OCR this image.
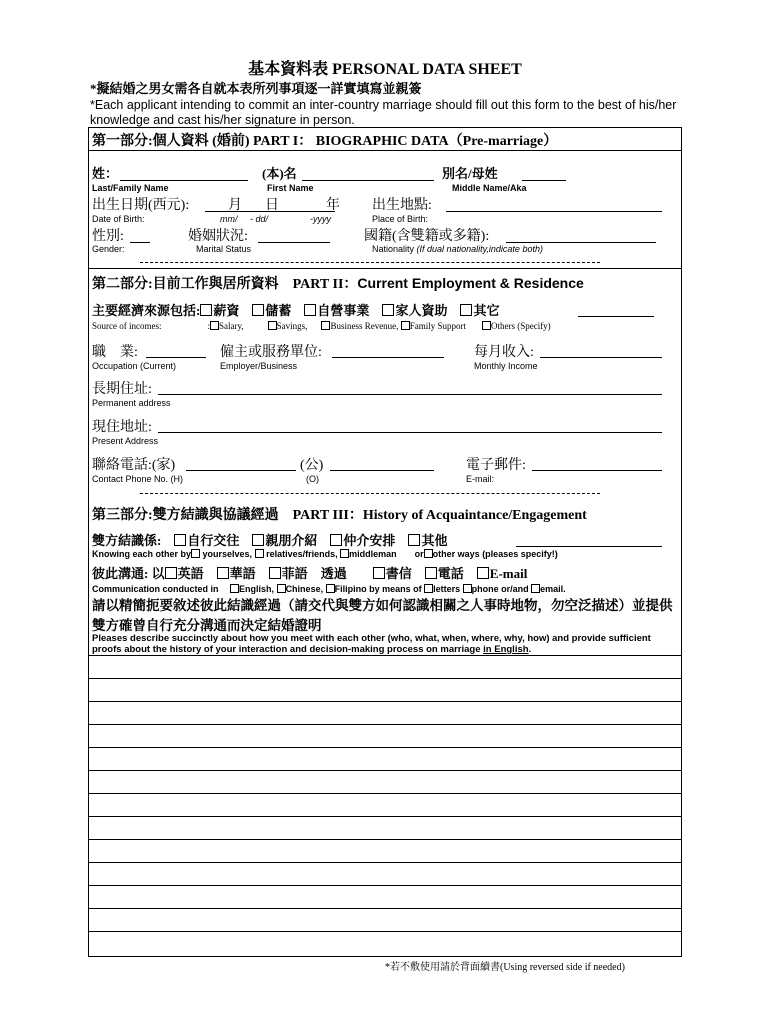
基本資料表 PERSONAL DATA SHEET
*擬結婚之男女需各自就本表所列事項逐一詳實填寫並親簽
*Each applicant intending to commit an inter-country marriage should fill out this form to the best of his/her knowledge and cast his/her signature in person.
第一部分:個人資料 (婚前) PART I： BIOGRAPHIC DATA（Pre-marriage）
姓：	(本)名	別名/母姓
Last/Family Name	First Name	Middle Name/Aka
出生日期(西元):	月 日	年 出生地點:
Date of Birth:	mm/ - dd/	-yyyy	Place of Birth:
性別:	婚姻狀況:	國籍(含雙籍或多籍):
Gender:	Marital Status	Nationality (If dual nationality,indicate both)
第二部分:目前工作與居所資料　 PART II：Current Employment & Residence
主要經濟來源包括: 薪資　 儲蓄　 自營事業　 家人資助　 其它
Source of incomes:	: Salary,	Savings,	Business Revenue, Family Support	Others (Specify)
職　業:	僱主或服務單位:	每月收入:
Occupation (Current)	Employer/Business	Monthly Income
長期住址:
Permanent address
現住地址:
Present Address
聯絡電話:(家)	(公)	電子郵件:
Contact Phone No. (H)	(O)	E-mail:
第三部分:雙方結識與協議經過　 PART III：History of Acquaintance/Engagement
雙方結識係:　 自行交往　 親朋介紹　 仲介安排　 其他
Knowing each other by yourselves, relatives/friends, middleman or other ways (pleases specify!)
彼此溝通: 以 英語　 華語　 菲語　 透過　　	書信　 電話　 E-mail
Communication conducted in　 English, Chinese, Filipino by means of letters phone or/and email.
請以精簡扼要敘述彼此結識經過（請交代與雙方如何認識相關之人事時地物，勿空泛描述）並提供雙方確曾自行充分溝通而決定結婚證明
Pleases describe succinctly about how you meet with each other (who, what, when, where, why, how) and provide sufficient proofs about the history of your interaction and decision-making process on marriage in English.
*若不敷使用請於背面續書(Using reversed side if needed)
